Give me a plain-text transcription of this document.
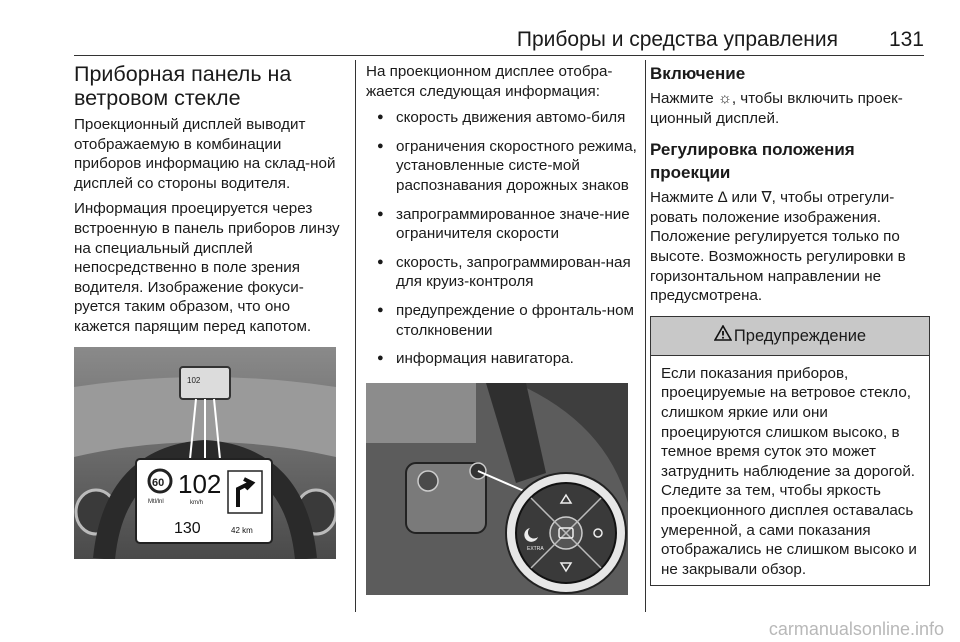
Приборы и средства управления 131
Приборная панель на ветровом стекле

Проекционный дисплей выводит отображаемую в комбинации приборов информацию на склад-ной дисплей со стороны водителя.

Информация проецируется через встроенную в панель приборов линзу на специальный дисплей непосредственно в поле зрения водителя. Изображение фокуси-руется таким образом, что оно кажется парящим перед капотом.

102
60
Mtl/lnl
102
km/h
130	42 km

На проекционном дисплее отобра-жается следующая информация:

● скорость движения автомо-биля
● ограничения скоростного режима, установленные систе-мой распознавания дорожных знаков
● запрограммированное значе-ние ограничителя скорости
● скорость, запрограммирован-ная для круиз-контроля
● предупреждение о фронталь-ном столкновении
● информация навигатора.
EXTRA
Включение

Нажмите ☼, чтобы включить проек-ционный дисплей.

Регулировка положения проекции

Нажмите ∆ или ∇, чтобы отрегули-ровать положение изображения.

Положение регулируется только по высоте. Возможность регулировки в горизонтальном направлении не предусмотрена.

Предупреждение

Если показания приборов, проецируемые на ветровое стекло, слишком яркие или они проецируются слишком высоко, в темное время суток это может затруднить наблюдение за дорогой. Следите за тем, чтобы яркость проекционного дисплея оставалась умеренной, а сами показания отображались не слишком высоко и не закрывали обзор.

carmanualsonline.info
